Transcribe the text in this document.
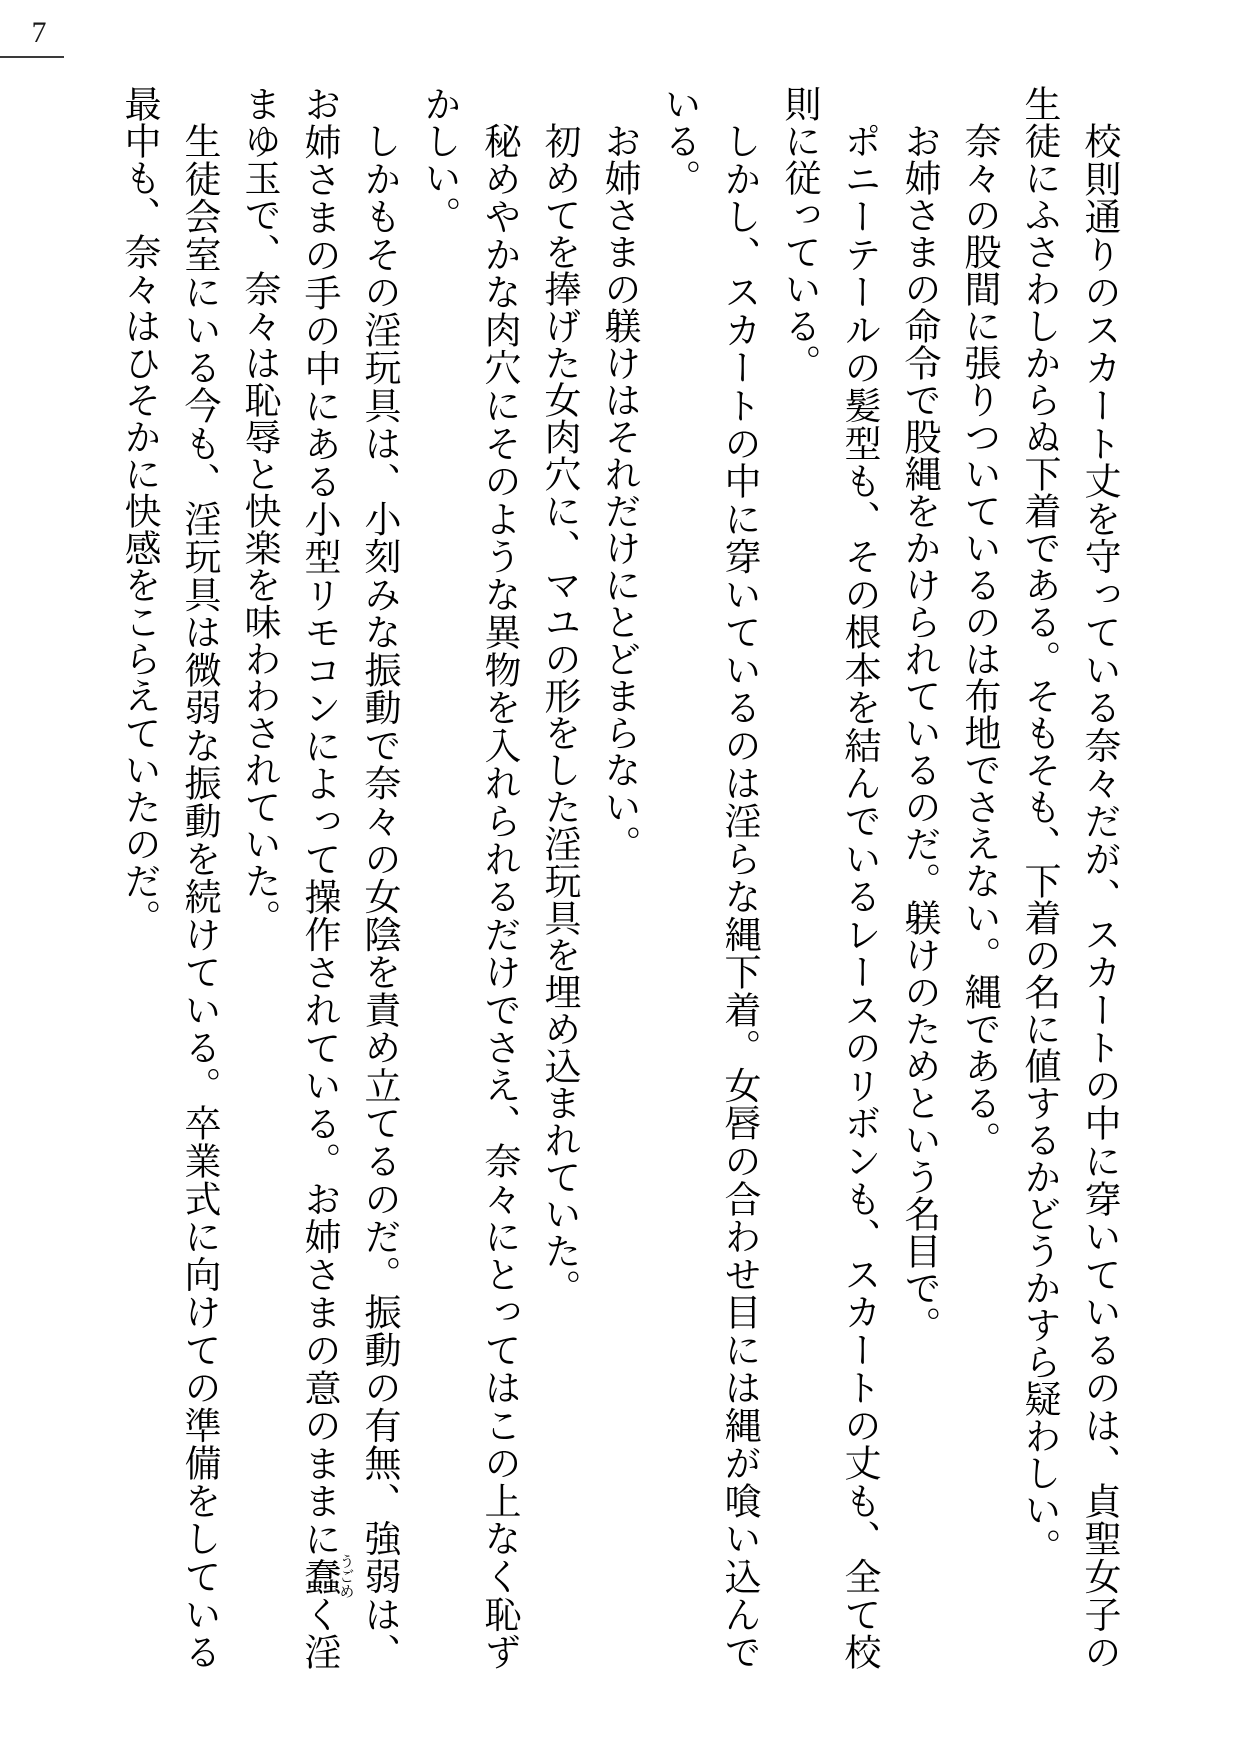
7

校則通りのスカート丈を守っている奈々だが、スカートの中に穿いているのは、貞聖女子の生徒にふさわしからぬ下着である。そもそも、下着の名に値するかどうかすら疑わしい。

奈々の股間に張りついているのは布地でさえない。縄である。

お姉さまの命令で股縄をかけられているのだ。躾けのためという名目で。

ポニーテールの髪型も、その根本を結んでいるレースのリボンも、スカートの丈も、全て校則に従っている。

しかし、スカートの中に穿いているのは淫らな縄下着。女唇の合わせ目には縄が喰い込んでいる。

お姉さまの躾けはそれだけにとどまらない。

初めてを捧げた女肉穴に、マユの形をした淫玩具を埋め込まれていた。

秘めやかな肉穴にそのような異物を入れられるだけでさえ、奈々にとってはこの上なく恥ずかしい。

しかもその淫玩具は、小刻みな振動で奈々の女陰を責め立てるのだ。振動の有無、強弱は、お姉さまの手の中にある小型リモコンによって操作されている。お姉さまの意のままに蠢うごめく淫まゆ玉で、奈々は恥辱と快楽を味わわされていた。

生徒会室にいる今も、淫玩具は微弱な振動を続けている。卒業式に向けての準備をしている最中も、奈々はひそかに快感をこらえていたのだ。
